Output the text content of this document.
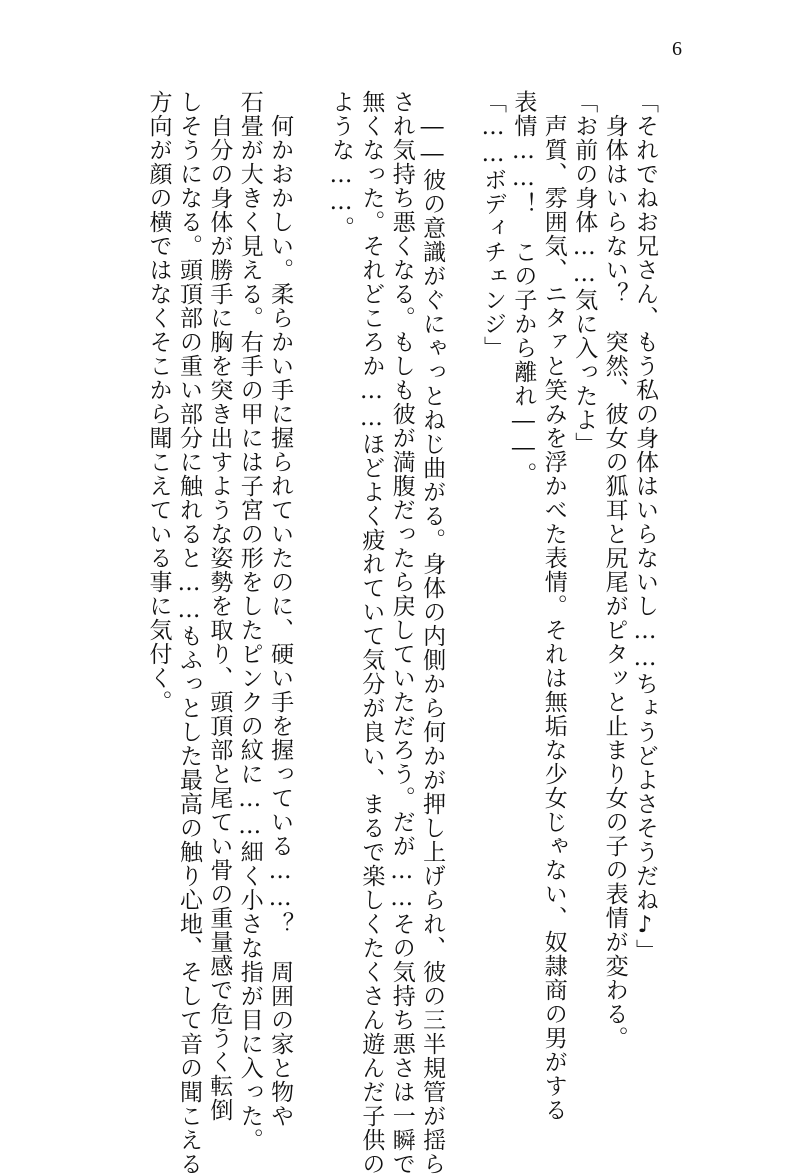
6
「それでねお兄さん、もう私の身体はいらないし……ちょうどよさそうだね♪」
　身体はいらない？　突然、彼女の狐耳と尻尾がピタッと止まり女の子の表情が変わる。
「お前の身体……気に入ったよ」
　声質、雰囲気、ニタァと笑みを浮かべた表情。それは無垢な少女じゃない、奴隷商の男がする
表情……！　この子から離れ――。
「……ボディチェンジ」
　――彼の意識がぐにゃっとねじ曲がる。身体の内側から何かが押し上げられ、彼の三半規管が揺ら
され気持ち悪くなる。もしも彼が満腹だったら戻していただろう。だが……その気持ち悪さは一瞬で
無くなった。それどころか……ほどよく疲れていて気分が良い、まるで楽しくたくさん遊んだ子供の
ような……。
　何かおかしい。柔らかい手に握られていたのに、硬い手を握っている……？　周囲の家と物や
石畳が大きく見える。右手の甲には子宮の形をしたピンクの紋に……細く小さな指が目に入った。
　自分の身体が勝手に胸を突き出すような姿勢を取り、頭頂部と尾てい骨の重量感で危うく転倒
しそうになる。頭頂部の重い部分に触れると……もふっとした最高の触り心地、そして音の聞こえる
方向が顔の横ではなくそこから聞こえている事に気付く。
